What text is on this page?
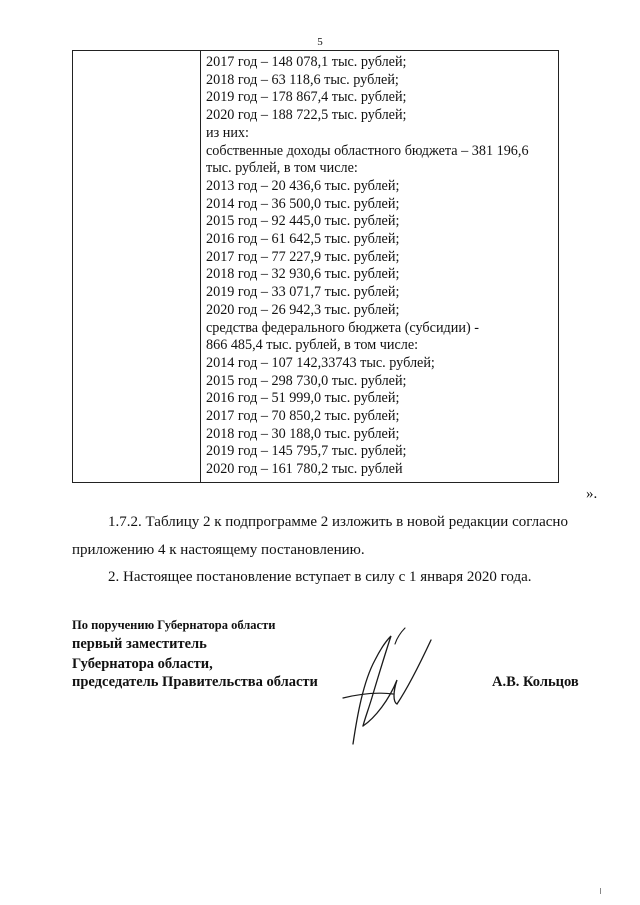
5

2017 год – 148 078,1 тыс. рублей;
2018 год – 63 118,6 тыс. рублей;
2019 год – 178 867,4 тыс. рублей;
2020 год – 188 722,5 тыс. рублей;
из них:
собственные доходы областного бюджета – 381 196,6
тыс. рублей, в том числе:
2013 год – 20 436,6 тыс. рублей;
2014 год – 36 500,0 тыс. рублей;
2015 год – 92 445,0 тыс. рублей;
2016 год – 61 642,5 тыс. рублей;
2017 год – 77 227,9 тыс. рублей;
2018 год – 32 930,6 тыс. рублей;
2019 год – 33 071,7 тыс. рублей;
2020 год – 26 942,3 тыс. рублей;
средства федерального бюджета (субсидии) -
866 485,4 тыс. рублей, в том числе:
2014 год – 107 142,33743 тыс. рублей;
2015 год – 298 730,0 тыс. рублей;
2016 год – 51 999,0 тыс. рублей;
2017 год – 70 850,2 тыс. рублей;
2018 год – 30 188,0 тыс. рублей;
2019 год – 145 795,7 тыс. рублей;
2020 год – 161 780,2 тыс. рублей
».
1.7.2. Таблицу 2 к подпрограмме 2 изложить в новой редакции согласно
приложению 4 к настоящему постановлению.
2. Настоящее постановление вступает в силу с 1 января 2020 года.
По поручению Губернатора области
первый заместитель
Губернатора области,
председатель Правительства области	А.В. Кольцов
